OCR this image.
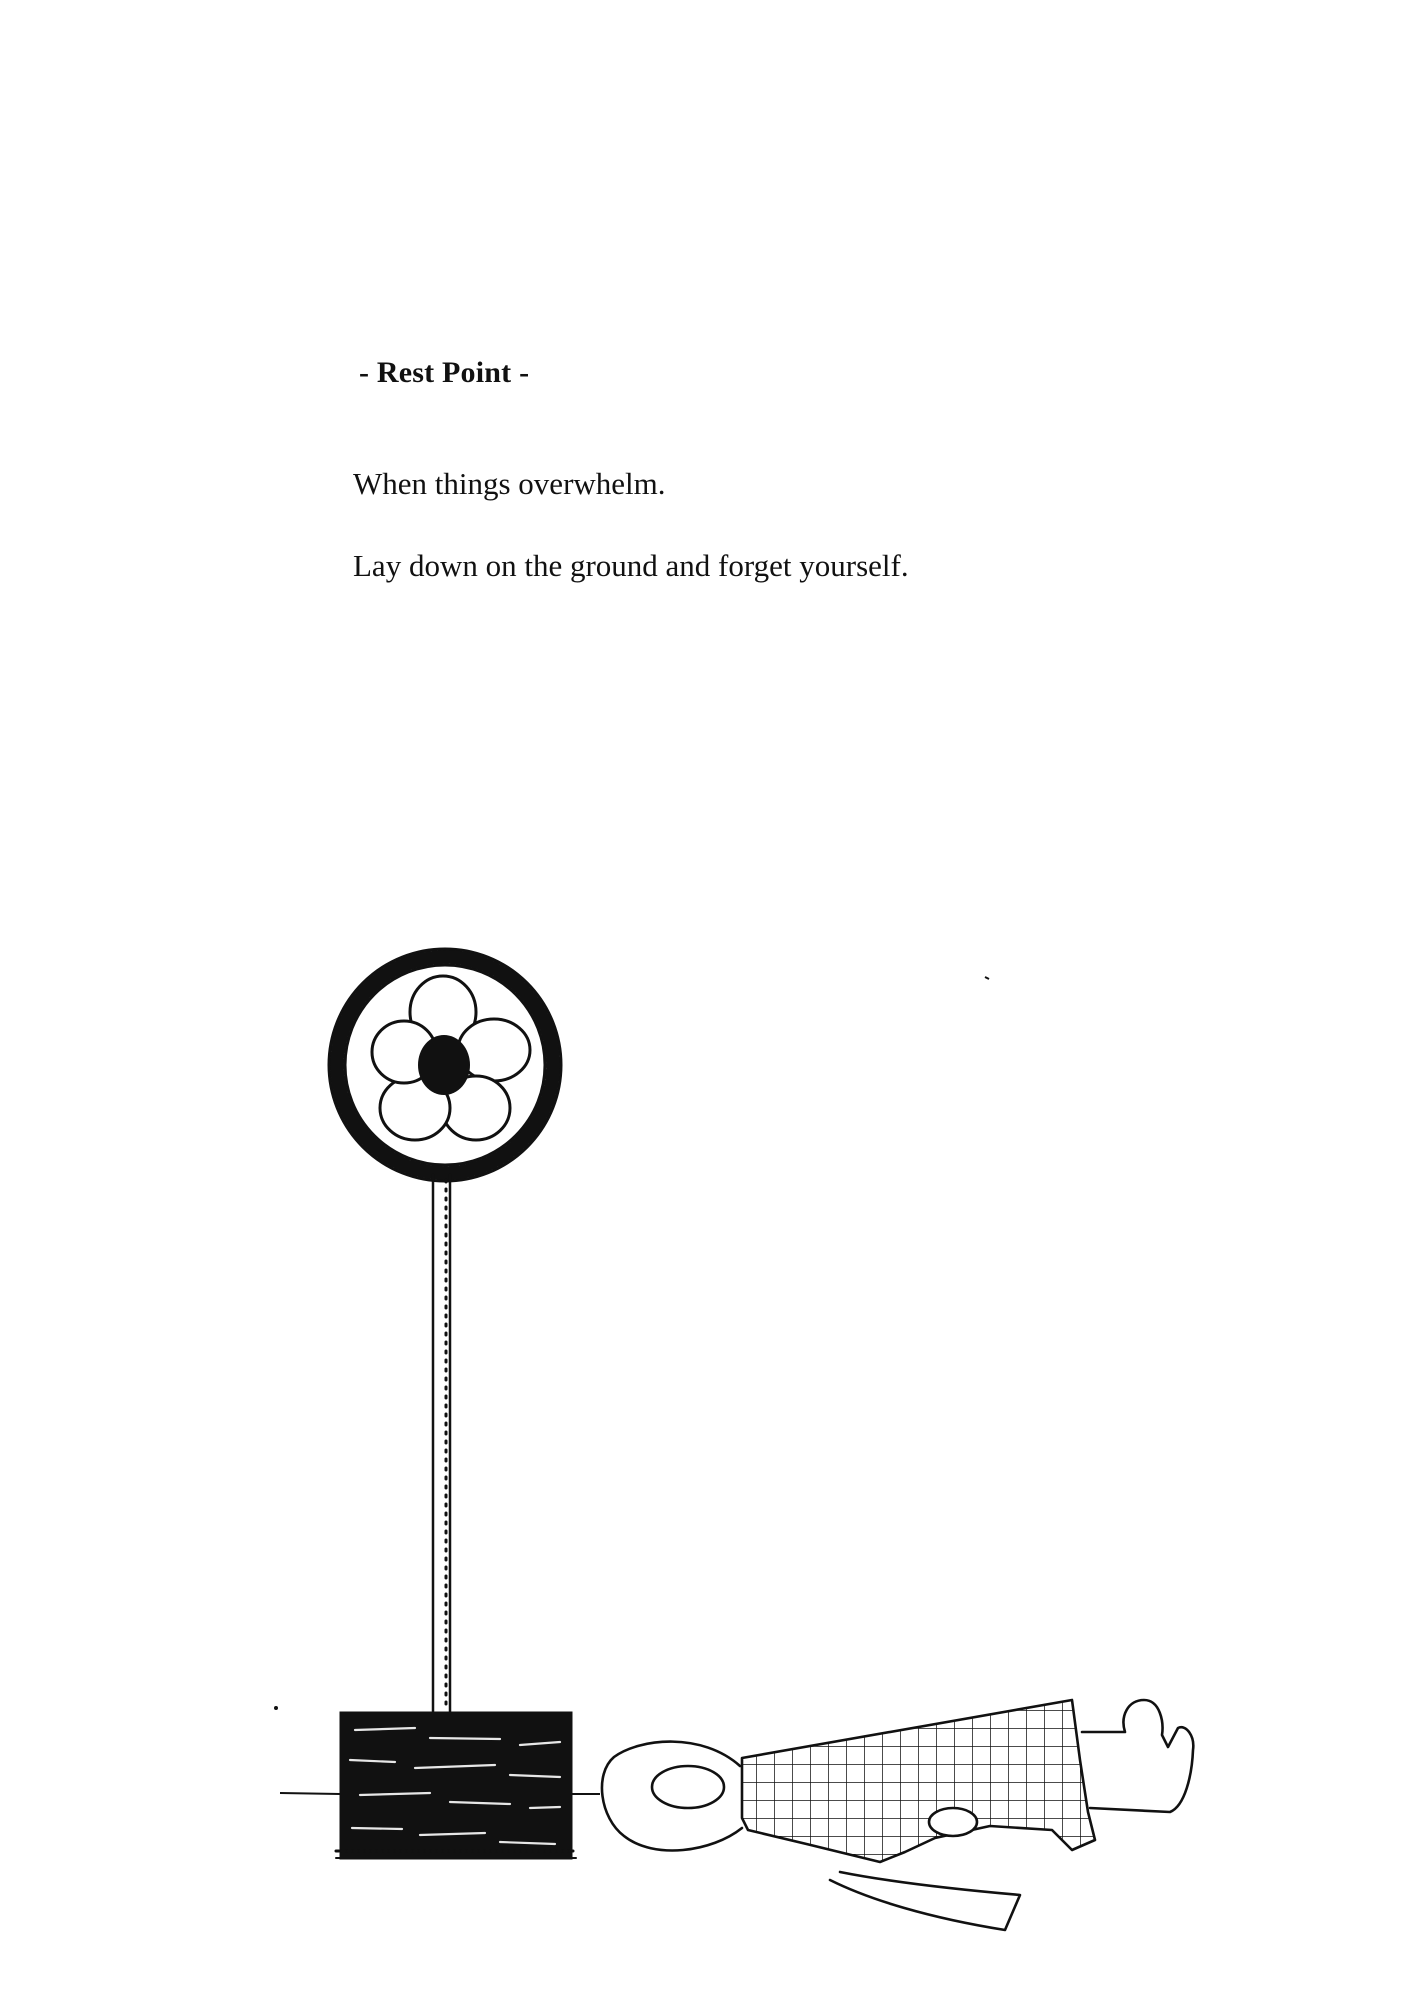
- Rest Point -
When things overwhelm.
Lay down on the ground and forget yourself.
